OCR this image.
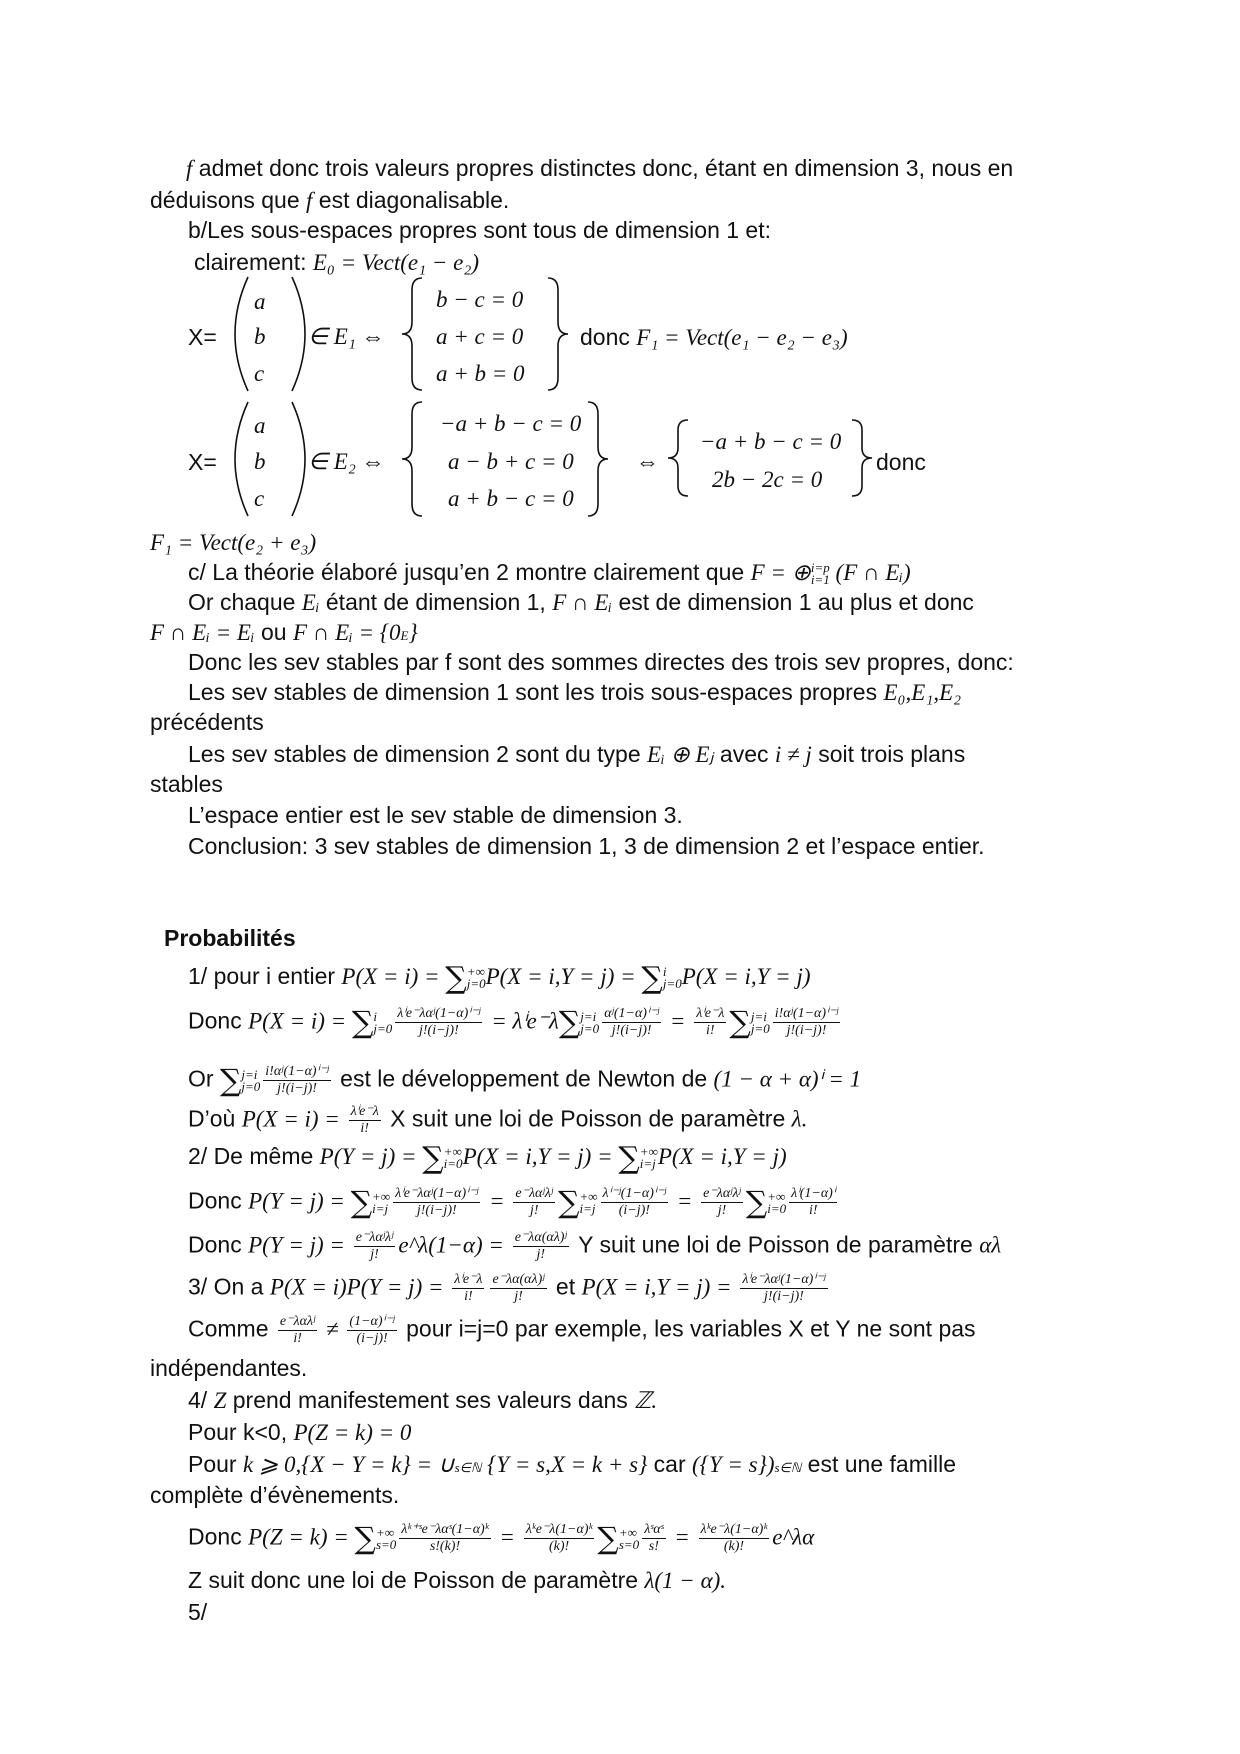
f admet donc trois valeurs propres distinctes donc, étant en dimension 3, nous en
déduisons que f est diagonalisable.
b/Les sous-espaces propres sont tous de dimension 1 et:
clairement: E₀ = Vect(e₁ − e₂)
X=
a
b
c
∈ E₁ ⇔
b − c = 0
a + c = 0
a + b = 0
donc F₁ = Vect(e₁ − e₂ − e₃)
X=
a
b
c
∈ E₂ ⇔
−a + b − c = 0
a − b + c = 0
a + b − c = 0
⇔
−a + b − c = 0
2b − 2c = 0
donc
F₁ = Vect(e₂ + e₃)
c/ La théorie élaboré jusqu’en 2 montre clairement que F = ⊕ i=p
i=1 (F ∩ Eᵢ)
Or chaque Eᵢ étant de dimension 1, F ∩ Eᵢ est de dimension 1 au plus et donc
F ∩ Eᵢ = Eᵢ ou F ∩ Eᵢ = {0E}
Donc les sev stables par f sont des sommes directes des trois sev propres, donc:
Les sev stables de dimension 1 sont les trois sous-espaces propres E₀,E₁,E₂
précédents
Les sev stables de dimension 2 sont du type Eᵢ ⊕ Eⱼ avec i ≠ j soit trois plans
stables
L’espace entier est le sev stable de dimension 3.
Conclusion: 3 sev stables de dimension 1, 3 de dimension 2 et l’espace entier.
Probabilités
1/ pour i entier P(X = i) = ∑ +∞
j=0 P(X = i,Y = j) = ∑ i
j=0 P(X = i,Y = j)
Donc P(X = i) = ∑ i
$j=0 \frac{\text{λⁱe⁻λαʲ(1−α)ⁱ⁻ʲ}}{j!(i-j)!} = \lambda^ie^-\lambda\sum$ j=i
$j=0 \frac{\text{αʲ(1−α)ⁱ⁻ʲ}}{j!(i-j)!} = \frac{\text{λⁱe⁻λ}}{i!}$ ∑ j=i
$j=0 \frac{\text{i!αʲ(1−α)ⁱ⁻ʲ}}{j!(i-j)!}$
Or ∑ j=i
$j=0 \frac{\text{i!αʲ(1−α)ⁱ⁻ʲ}}{j!(i-j)!}$ est le développement de Newton de (1 − α + α)ⁱ = 1
D’où $P(X = i) = \frac{\text{λⁱe⁻λ}}{i!}$ X suit une loi de Poisson de paramètre λ.
2/ De même P(Y = j) = ∑ +∞
i=0 P(X = i,Y = j) = ∑ +∞
i=j P(X = i,Y = j)
Donc P(Y = j) = ∑ +∞
$i=j \frac{\text{λⁱe⁻λαʲ(1−α)ⁱ⁻ʲ}}{j!(i-j)!} = \frac{\text{e⁻λαʲλʲ}}{j!}$ ∑ +∞
$i=j \frac{\text{λⁱ⁻ʲ(1−α)ⁱ⁻ʲ}}{(i-j)!} = \frac{\text{e⁻λαʲλʲ}}{j!}$ ∑ +∞
$i=0 \frac{\text{λⁱ(1−α)ⁱ}}{i!}$
Donc $P(Y = j) = \frac{\text{e⁻λαʲλʲ}}{j!}$ e^λ(1−α) = $\frac{\text{e⁻λα(αλ)ʲ}}{j!}$ Y suit une loi de Poisson de paramètre αλ
3/ On a $P(X = i)P(Y = j) = \frac{\text{λⁱe⁻λ}}{i!} \frac{\text{e⁻λα(αλ)ʲ}}{j!}$ et $P(X = i,Y = j) = \frac{\text{λⁱe⁻λαʲ(1−α)ⁱ⁻ʲ}}{j!(i-j)!}$
Comme $\frac{\text{e⁻λαλʲ}}{i!} \ne \frac{\text{(1−α)ⁱ⁻ʲ}}{(i-j)!}$ pour i=j=0 par exemple, les variables X et Y ne sont pas
indépendantes.
4/ Z prend manifestement ses valeurs dans ℤ.
Pour k<0, P(Z = k) = 0
Pour k ⩾ 0,{X − Y = k} = ∪s∈ℕ {Y = s,X = k + s} car ({Y = s})s∈ℕ est une famille
complète d’évènements.
Donc P(Z = k) = ∑ +∞
$s=0 \frac{\text{λᵏ⁺ˢe⁻λαˢ(1−α)ᵏ}}{s!(k)!} = \frac{\text{λᵏe⁻λ(1−α)ᵏ}}{(k)!}$ ∑ +∞
$s=0 \frac{\text{λˢαˢ}}{s!} = \frac{\text{λᵏe⁻λ(1−α)ᵏ}}{(k)!}$ e^λα
Z suit donc une loi de Poisson de paramètre λ(1 − α).
5/
